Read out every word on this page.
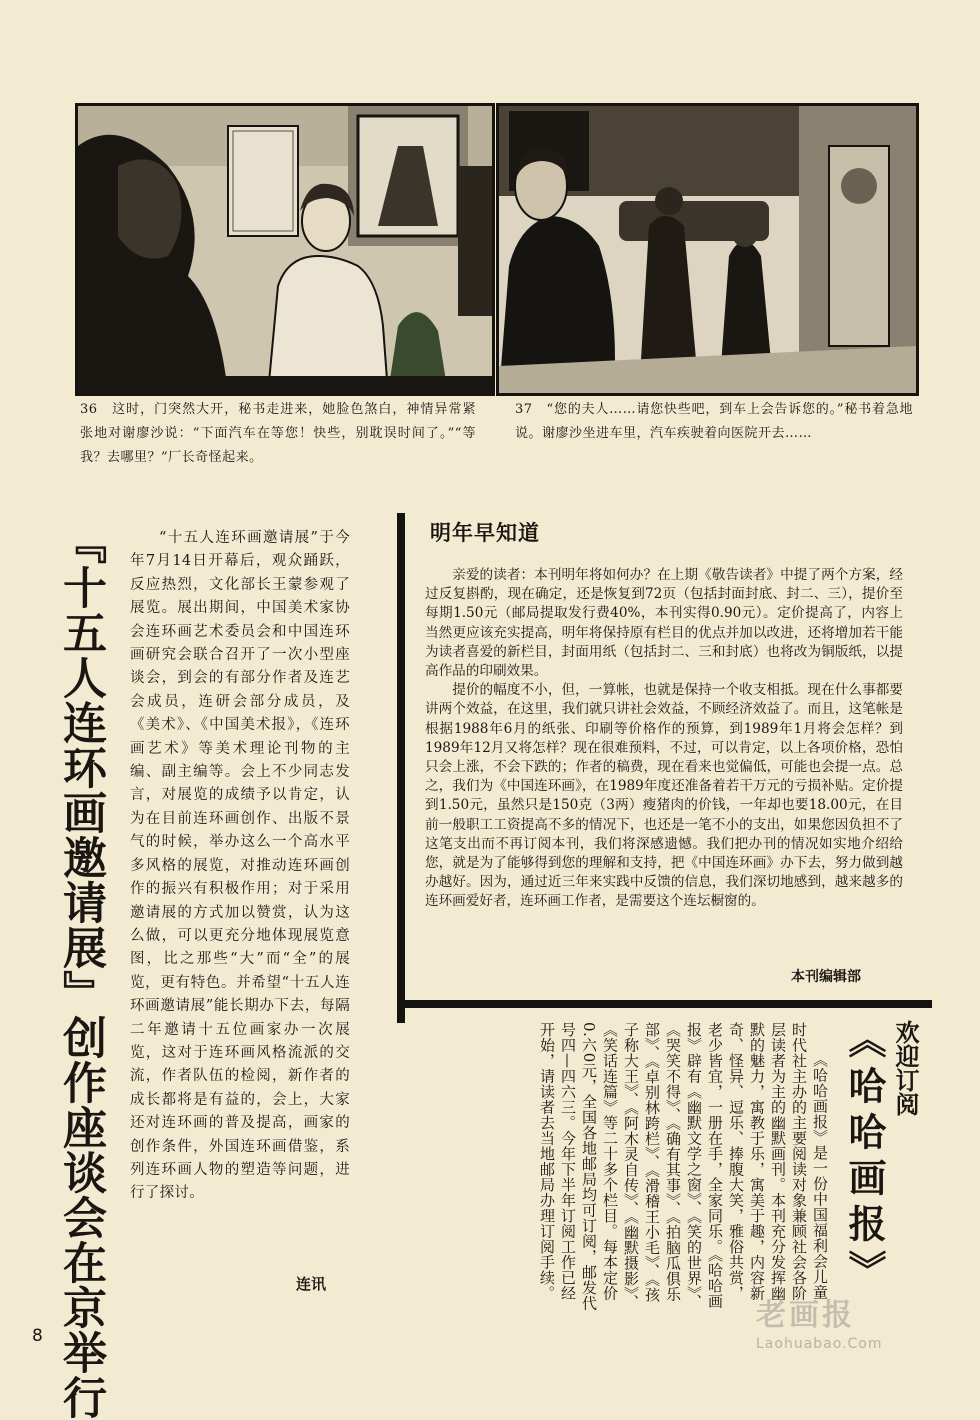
36 这时，门突然大开，秘书走进来，她脸色煞白，神情异常紧张地对谢廖沙说：“下面汽车在等您！快些，别耽误时间了。”“等我？去哪里？”厂长奇怪起来。
37 “您的夫人……请您快些吧，到车上会告诉您的。”秘书着急地说。谢廖沙坐进车里，汽车疾驶着向医院开去……
『十五人连环画邀请展』创作座谈会在京举行	“十五人连环画邀请展”于今年7月14日开幕后，观众踊跃，反应热烈，文化部长王蒙参观了展览。展出期间，中国美术家协会连环画艺术委员会和中国连环画研究会联合召开了一次小型座谈会，到会的有部分作者及连艺会成员，连研会部分成员，及《美术》、《中国美术报》，《连环画艺术》等美术理论刊物的主编、副主编等。会上不少同志发言，对展览的成绩予以肯定，认为在目前连环画创作、出版不景气的时候，举办这么一个高水平多风格的展览，对推动连环画创作的振兴有积极作用；对于采用邀请展的方式加以赞赏，认为这么做，可以更充分地体现展览意图，比之那些“大”而“全”的展览，更有特色。并希望“十五人连环画邀请展”能长期办下去，每隔二年邀请十五位画家办一次展览，这对于连环画风格流派的交流，作者队伍的检阅，新作者的成长都将是有益的，会上，大家还对连环画的普及提高，画家的创作条件，外国连环画借鉴，系列连环画人物的塑造等问题，进行了探讨。

连讯
明年早知道

亲爱的读者：本刊明年将如何办？在上期《敬告读者》中提了两个方案，经过反复斟酌，现在确定，还是恢复到72页（包括封面封底、封二、三），提价至每期1.50元（邮局提取发行费40%，本刊实得0.90元）。定价提高了，内容上当然更应该充实提高，明年将保持原有栏目的优点并加以改进，还将增加若干能为读者喜爱的新栏目，封面用纸（包括封二、三和封底）也将改为铜版纸，以提高作品的印刷效果。

提价的幅度不小，但，一算帐，也就是保持一个收支相抵。现在什么事都要讲两个效益，在这里，我们就只讲社会效益，不顾经济效益了。而且，这笔帐是根据1988年6月的纸张、印刷等价格作的预算，到1989年1月将会怎样？到1989年12月又将怎样？现在很难预料，不过，可以肯定，以上各项价格，恐怕只会上涨，不会下跌的；作者的稿费，现在看来也觉偏低，可能也会提一点。总之，我们为《中国连环画》，在1989年度还准备着若干万元的亏损补贴。定价提到1.50元，虽然只是150克（3两）瘦猪肉的价钱，一年却也要18.00元，在目前一般职工工资提高不多的情况下，也还是一笔不小的支出，如果您因负担不了这笔支出而不再订阅本刊，我们将深感遗憾。我们把办刊的情况如实地介绍给您，就是为了能够得到您的理解和支持，把《中国连环画》办下去，努力做到越办越好。因为，通过近三年来实践中反馈的信息，我们深切地感到，越来越多的连环画爱好者，连环画工作者，是需要这个连坛橱窗的。

本刊编辑部
欢迎订阅
《哈哈画报》

《哈哈画报》是一份中国福利会儿童时代社主办的主要阅读对象兼顾社会各阶层读者为主的幽默画刊。本刊充分发挥幽默的魅力，寓教于乐，寓美于趣，内容新奇、怪异、逗乐、捧腹大笑，雅俗共赏，老少皆宜，一册在手，全家同乐。《哈哈画报》辟有《幽默文学之窗》、《笑的世界》、《哭笑不得》、《确有其事》、《拍脑瓜俱乐部》、《卓别林跨栏》、《滑稽王小毛》、《孩子称大王》、《阿木灵自传》、《幽默摄影》、《笑话连篇》等二十多个栏目。每本定价0.六0元，全国各地邮局均可订阅，邮发代号四—四六三。今年下半年订阅工作已经开始，请读者去当地邮局办理订阅手续。

8
老画报
Laohuabao.Com
